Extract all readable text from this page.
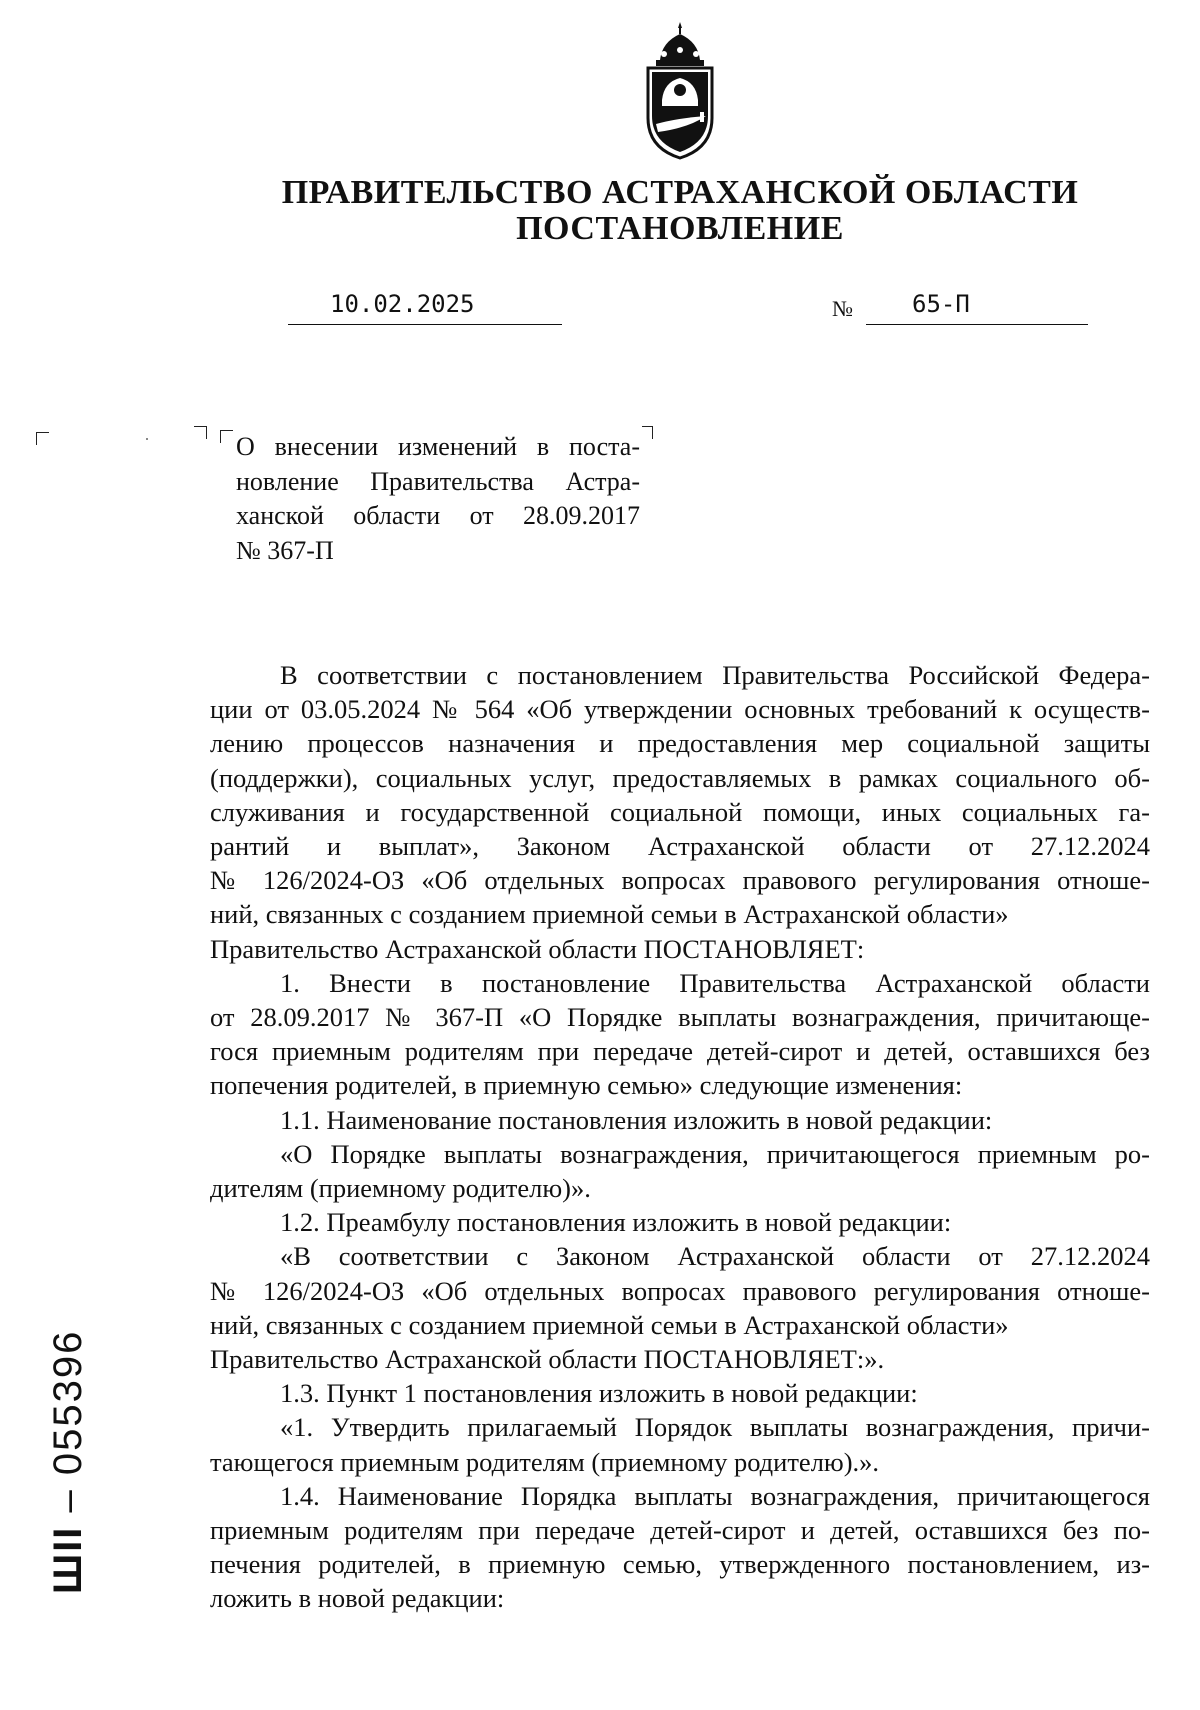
ПРАВИТЕЛЬСТВО АСТРАХАНСКОЙ ОБЛАСТИ
ПОСТАНОВЛЕНИЕ
10.02.2025	№ 65-П
О внесении изменений в поста-
новление Правительства Астра-
ханской области от 28.09.2017
№ 367-П
В соответствии с постановлением Правительства Российской Федера-
ции от 03.05.2024 № 564 «Об утверждении основных требований к осуществ-
лению процессов назначения и предоставления мер социальной защиты
(поддержки), социальных услуг, предоставляемых в рамках социального об-
служивания и государственной социальной помощи, иных социальных га-
рантий и выплат», Законом Астраханской области от 27.12.2024
№ 126/2024-ОЗ «Об отдельных вопросах правового регулирования отноше-
ний, связанных с созданием приемной семьи в Астраханской области»
Правительство Астраханской области ПОСТАНОВЛЯЕТ:
1. Внести в постановление Правительства Астраханской области
от 28.09.2017 № 367-П «О Порядке выплаты вознаграждения, причитающе-
гося приемным родителям при передаче детей-сирот и детей, оставшихся без
попечения родителей, в приемную семью» следующие изменения:
1.1. Наименование постановления изложить в новой редакции:
«О Порядке выплаты вознаграждения, причитающегося приемным ро-
дителям (приемному родителю)».
1.2. Преамбулу постановления изложить в новой редакции:
«В соответствии с Законом Астраханской области от 27.12.2024
№ 126/2024-ОЗ «Об отдельных вопросах правового регулирования отноше-
ний, связанных с созданием приемной семьи в Астраханской области»
Правительство Астраханской области ПОСТАНОВЛЯЕТ:».
1.3. Пункт 1 постановления изложить в новой редакции:
«1. Утвердить прилагаемый Порядок выплаты вознаграждения, причи-
тающегося приемным родителям (приемному родителю).».
1.4. Наименование Порядка выплаты вознаграждения, причитающегося
приемным родителям при передаче детей-сирот и детей, оставшихся без по-
печения родителей, в приемную семью, утвержденного постановлением, из-
ложить в новой редакции:
ШII – 055396
